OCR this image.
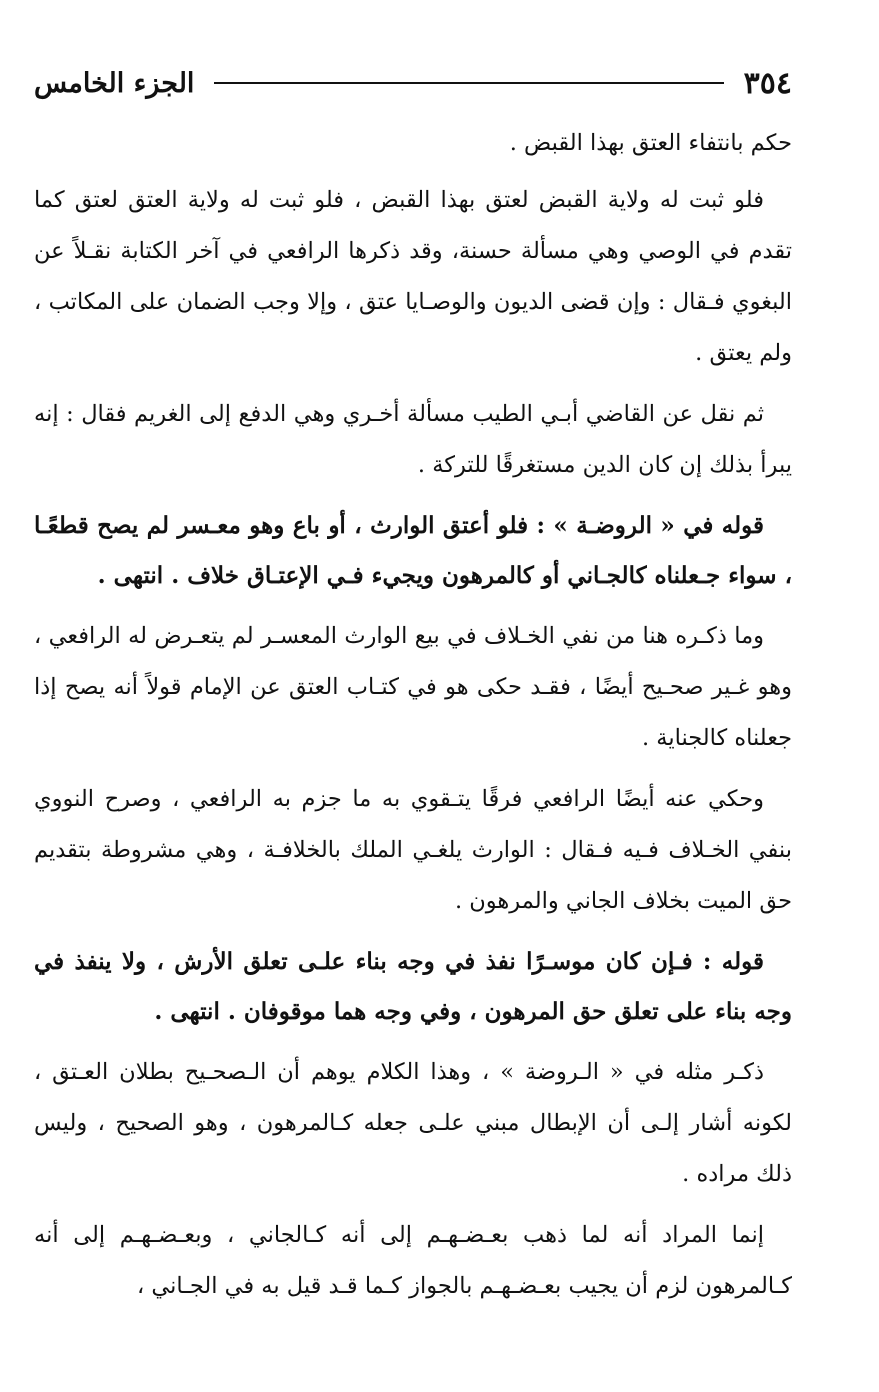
٣٥٤
الجزء الخامس

حكم بانتفاء العتق بهذا القبض .

فلو ثبت له ولاية القبض لعتق بهذا القبض ، فلو ثبت له ولاية العتق لعتق كما تقدم في الوصي وهي مسألة حسنة، وقد ذكرها الرافعي في آخر الكتابة نقـلاً عن البغوي فـقال : وإن قضى الديون والوصـايا عتق ، وإلا وجب الضمان على المكاتب ، ولم يعتق .

ثم نقل عن القاضي أبـي الطيب مسألة أخـري وهي الدفع إلى الغريم فقال : إنه يبرأ بذلك إن كان الدين مستغرقًا للتركة .

قوله في « الروضـة » : فلو أعتق الوارث ، أو باع وهو معـسر لم يصح قطعًـا ، سواء جـعلناه كالجـاني أو كالمرهون ويجيء فـي الإعتـاق خلاف . انتهى .

وما ذكـره هنا من نفي الخـلاف في بيع الوارث المعسـر لم يتعـرض له الرافعي ، وهو غـير صحـيح أيضًا ، فقـد حكى هو في كتـاب العتق عن الإمام قولاً أنه يصح إذا جعلناه كالجناية .

وحكي عنه أيضًا الرافعي فرقًا يتـقوي به ما جزم به الرافعي ، وصرح النووي بنفي الخـلاف فـيه فـقال : الوارث يلغـي الملك بالخلافـة ، وهي مشروطة بتقديم حق الميت بخلاف الجاني والمرهون .

قوله : فـإن كان موسـرًا نفذ في وجه بناء علـى تعلق الأرش ، ولا ينفذ في وجه بناء على تعلق حق المرهون ، وفي وجه هما موقوفان . انتهى .

ذكـر مثله في « الـروضة » ، وهذا الكلام يوهم أن الـصحـيح بطلان العـتق ، لكونه أشار إلـى أن الإبطال مبني علـى جعله كـالمرهون ، وهو الصحيح ، وليس ذلك مراده .

إنما المراد أنه لما ذهب بعـضـهـم إلى أنه كـالجاني ، وبعـضـهـم إلى أنه كـالمرهون لزم أن يجيب بعـضـهـم بالجواز كـما قـد قيل به في الجـاني ،
